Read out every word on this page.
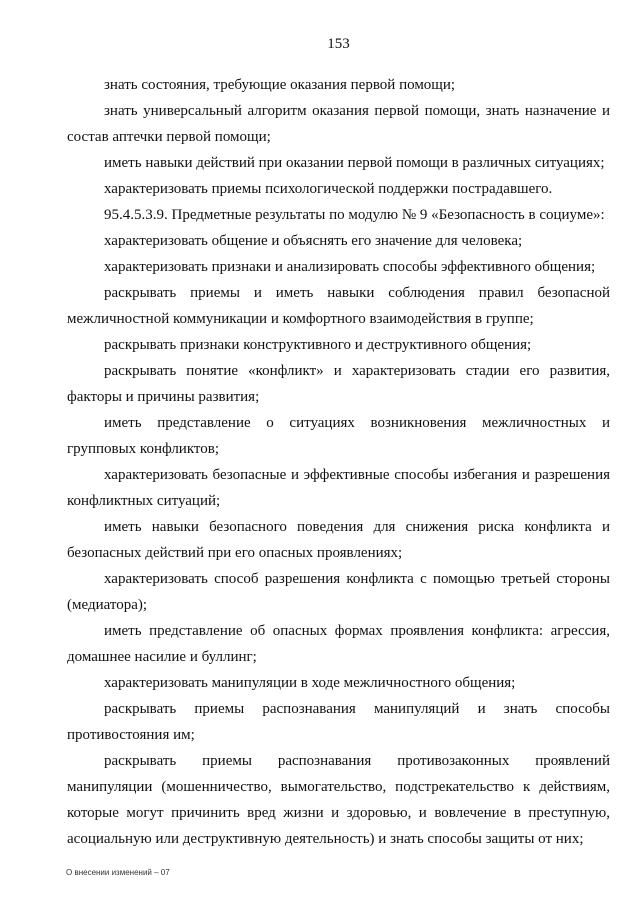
153

знать состояния, требующие оказания первой помощи;

знать универсальный алгоритм оказания первой помощи, знать назначение и состав аптечки первой помощи;

иметь навыки действий при оказании первой помощи в различных ситуациях;

характеризовать приемы психологической поддержки пострадавшего.

95.4.5.3.9. Предметные результаты по модулю № 9 «Безопасность в социуме»:

характеризовать общение и объяснять его значение для человека;

характеризовать признаки и анализировать способы эффективного общения;

раскрывать приемы и иметь навыки соблюдения правил безопасной межличностной коммуникации и комфортного взаимодействия в группе;

раскрывать признаки конструктивного и деструктивного общения;

раскрывать понятие «конфликт» и характеризовать стадии его развития, факторы и причины развития;

иметь представление о ситуациях возникновения межличностных и групповых конфликтов;

характеризовать безопасные и эффективные способы избегания и разрешения конфликтных ситуаций;

иметь навыки безопасного поведения для снижения риска конфликта и безопасных действий при его опасных проявлениях;

характеризовать способ разрешения конфликта с помощью третьей стороны (медиатора);

иметь представление об опасных формах проявления конфликта: агрессия, домашнее насилие и буллинг;

характеризовать манипуляции в ходе межличностного общения;

раскрывать приемы распознавания манипуляций и знать способы противостояния им;

раскрывать приемы распознавания противозаконных проявлений манипуляции (мошенничество, вымогательство, подстрекательство к действиям, которые могут причинить вред жизни и здоровью, и вовлечение в преступную, асоциальную или деструктивную деятельность) и знать способы защиты от них;

О внесении изменений – 07
